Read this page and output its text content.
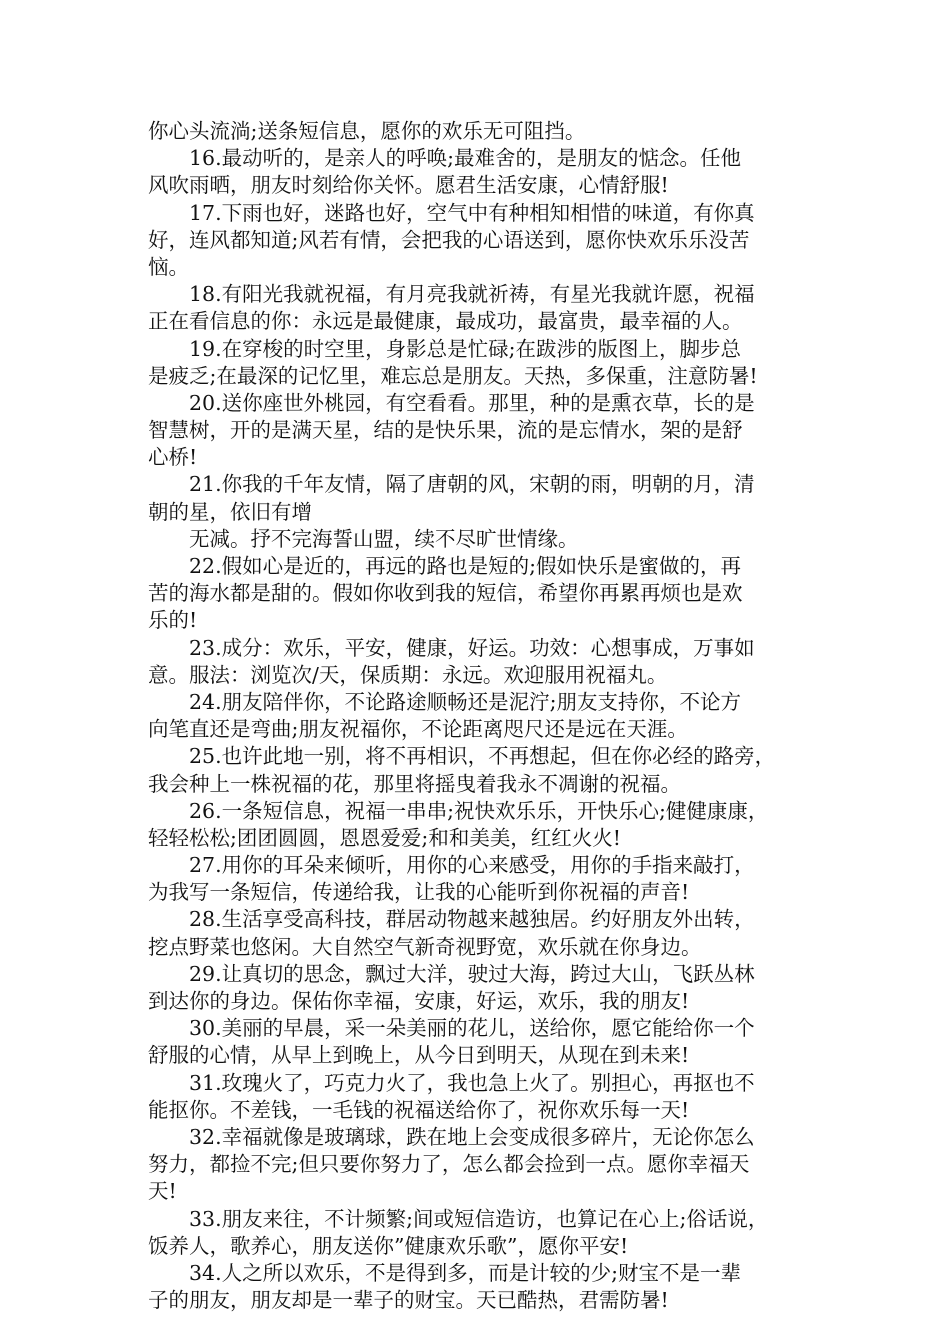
你心头流淌;送条短信息，愿你的欢乐无可阻挡。
　　16.最动听的，是亲人的呼唤;最难舍的，是朋友的惦念。任他
风吹雨晒，朋友时刻给你关怀。愿君生活安康，心情舒服!
　　17.下雨也好，迷路也好，空气中有种相知相惜的味道，有你真
好，连风都知道;风若有情，会把我的心语送到，愿你快欢乐乐没苦
恼。
　　18.有阳光我就祝福，有月亮我就祈祷，有星光我就许愿，祝福
正在看信息的你：永远是最健康，最成功，最富贵，最幸福的人。
　　19.在穿梭的时空里，身影总是忙碌;在跋涉的版图上，脚步总
是疲乏;在最深的记忆里，难忘总是朋友。天热，多保重，注意防暑!
　　20.送你座世外桃园，有空看看。那里，种的是熏衣草，长的是
智慧树，开的是满天星，结的是快乐果，流的是忘情水，架的是舒
心桥!
　　21.你我的千年友情，隔了唐朝的风，宋朝的雨，明朝的月，清
朝的星，依旧有增
　　无减。抒不完海誓山盟，续不尽旷世情缘。
　　22.假如心是近的，再远的路也是短的;假如快乐是蜜做的，再
苦的海水都是甜的。假如你收到我的短信，希望你再累再烦也是欢
乐的!
　　23.成分：欢乐，平安，健康，好运。功效：心想事成，万事如
意。服法：浏览次/天，保质期：永远。欢迎服用祝福丸。
　　24.朋友陪伴你，不论路途顺畅还是泥泞;朋友支持你，不论方
向笔直还是弯曲;朋友祝福你，不论距离咫尺还是远在天涯。
　　25.也许此地一别，将不再相识，不再想起，但在你必经的路旁，
我会种上一株祝福的花，那里将摇曳着我永不凋谢的祝福。
　　26.一条短信息，祝福一串串;祝快欢乐乐，开快乐心;健健康康，
轻轻松松;团团圆圆，恩恩爱爱;和和美美，红红火火!
　　27.用你的耳朵来倾听，用你的心来感受，用你的手指来敲打，
为我写一条短信，传递给我，让我的心能听到你祝福的声音!
　　28.生活享受高科技，群居动物越来越独居。约好朋友外出转，
挖点野菜也悠闲。大自然空气新奇视野宽，欢乐就在你身边。
　　29.让真切的思念，飘过大洋，驶过大海，跨过大山，飞跃丛林
到达你的身边。保佑你幸福，安康，好运，欢乐，我的朋友!
　　30.美丽的早晨，采一朵美丽的花儿，送给你，愿它能给你一个
舒服的心情，从早上到晚上，从今日到明天，从现在到未来!
　　31.玫瑰火了，巧克力火了，我也急上火了。别担心，再抠也不
能抠你。不差钱，一毛钱的祝福送给你了，祝你欢乐每一天!
　　32.幸福就像是玻璃球，跌在地上会变成很多碎片，无论你怎么
努力，都捡不完;但只要你努力了，怎么都会捡到一点。愿你幸福天
天!
　　33.朋友来往，不计频繁;间或短信造访，也算记在心上;俗话说，
饭养人，歌养心，朋友送你”健康欢乐歌”，愿你平安!
　　34.人之所以欢乐，不是得到多，而是计较的少;财宝不是一辈
子的朋友，朋友却是一辈子的财宝。天已酷热，君需防暑!
